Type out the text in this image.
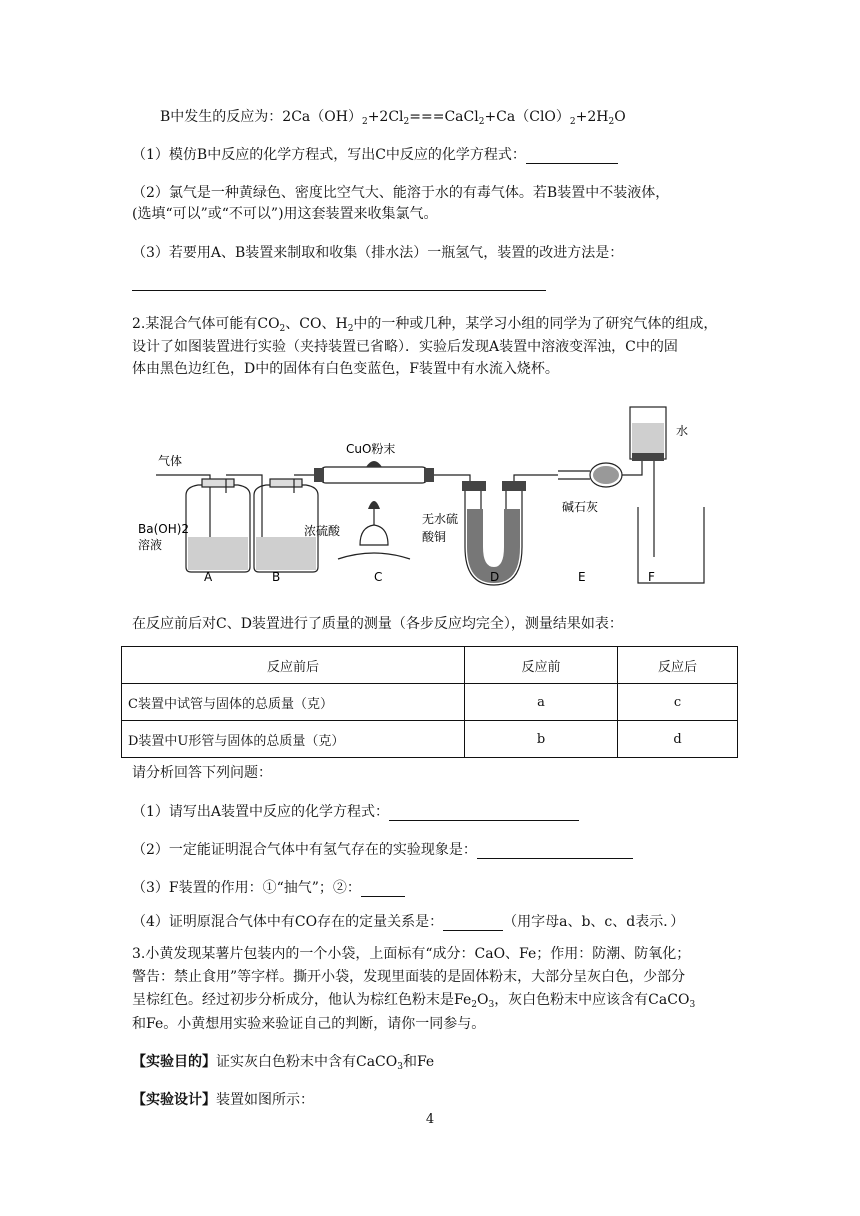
B中发生的反应为：$2Ca(OH)_2+2Cl_2===CaCl_2+Ca(ClO)_2+2H_2O$
（1）模仿B中反应的化学方程式，写出C中反应的化学方程式：
（2）氯气是一种黄绿色、密度比空气大、能溶于水的有毒气体。若B装置中不装液体，
(选填“可以”或“不可以”)用这套装置来收集氯气。
（3）若要用A、B装置来制取和收集（排水法）一瓶氢气，装置的改进方法是：
2.某混合气体可能有$CO_2$、CO、$H_2$中的一种或几种，某学习小组的同学为了研究气体的组成，
设计了如图装置进行实验（夹持装置已省略）．实验后发现A装置中溶液变浑浊，C中的固
体由黑色边红色，D中的固体有白色变蓝色，F装置中有水流入烧杯。
气体
Ba(OH)2
溶液
浓硫酸
CuO粉末
无水硫
酸铜
碱石灰
水
A	B	C	D	E	F
在反应前后对C、D装置进行了质量的测量（各步反应均完全），测量结果如表：
反应前后	反应前	反应后
C装置中试管与固体的总质量（克）	a	c
D装置中U形管与固体的总质量（克）	b	d
请分析回答下列问题：
（1）请写出A装置中反应的化学方程式：
（2）一定能证明混合气体中有氢气存在的实验现象是：
（3）F装置的作用：①“抽气”；②：
（4）证明原混合气体中有CO存在的定量关系是：	（用字母a、b、c、d表示．）
3.小黄发现某薯片包装内的一个小袋，上面标有“成分：CaO、Fe；作用：防潮、防氧化；
警告：禁止食用”等字样。撕开小袋，发现里面装的是固体粉末，大部分呈灰白色，少部分
呈棕红色。经过初步分析成分，他认为棕红色粉末是$Fe_2O_3$，灰白色粉末中应该含有CaCO$_3$
和Fe。小黄想用实验来验证自己的判断，请你一同参与。
【实验目的】证实灰白色粉末中含有CaCO$_3$和Fe
【实验设计】装置如图所示：
4
